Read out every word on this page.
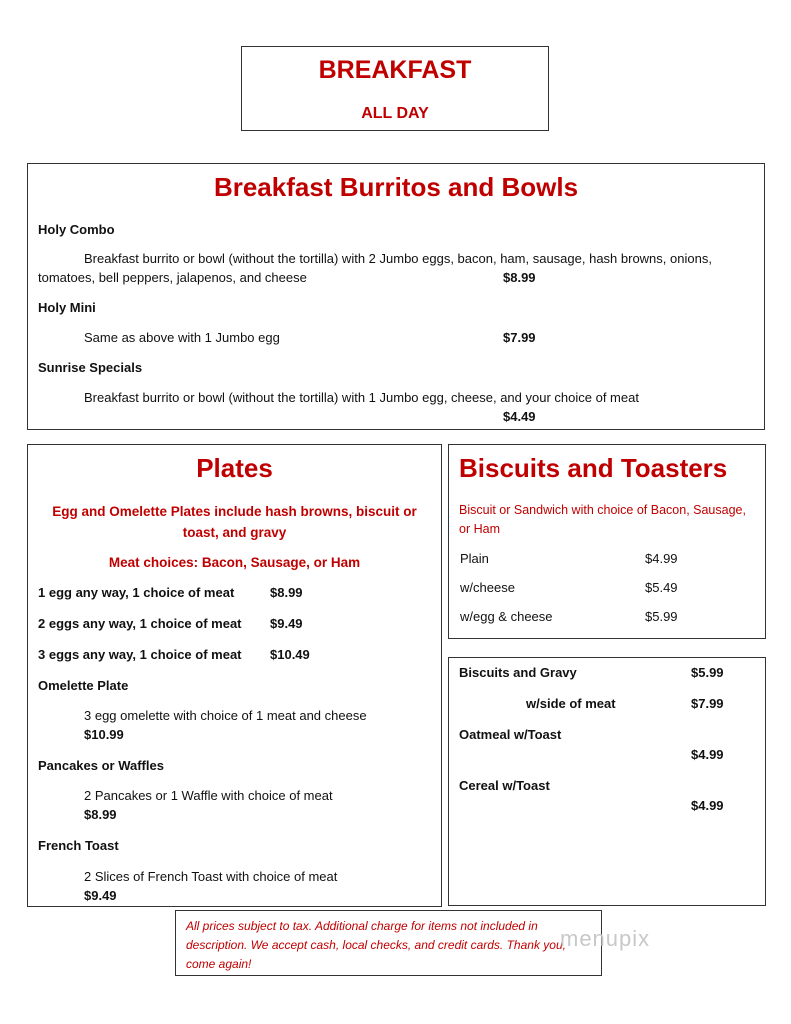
BREAKFAST
ALL DAY
Breakfast Burritos and Bowls
Holy Combo
Breakfast burrito or bowl (without the tortilla) with 2 Jumbo eggs, bacon, ham, sausage, hash browns, onions,
tomatoes, bell peppers, jalapenos, and cheese	$8.99
Holy Mini
Same as above with 1 Jumbo egg	$7.99
Sunrise Specials
Breakfast burrito or bowl (without the tortilla) with 1 Jumbo egg, cheese, and your choice of meat
$4.49
Plates
Egg and Omelette Plates include hash browns, biscuit or toast, and gravy
Meat choices: Bacon, Sausage, or Ham
1 egg any way, 1 choice of meat	$8.99
2 eggs any way, 1 choice of meat $9.49
3 eggs any way, 1 choice of meat $10.49
Omelette Plate
3 egg omelette with choice of 1 meat and cheese
$10.99
Pancakes or Waffles
2 Pancakes or 1 Waffle with choice of meat
$8.99
French Toast
2 Slices of French Toast with choice of meat
$9.49
Biscuits and Toasters
Biscuit or Sandwich with choice of Bacon, Sausage, or Ham
Plain	$4.99
w/cheese	$5.49
w/egg & cheese	$5.99
Biscuits and Gravy	$5.99
w/side of meat	$7.99
Oatmeal w/Toast
$4.99
Cereal w/Toast
$4.99
All prices subject to tax. Additional charge for items not included in description. We accept cash, local checks, and credit cards. Thank you, come again!
menupix
